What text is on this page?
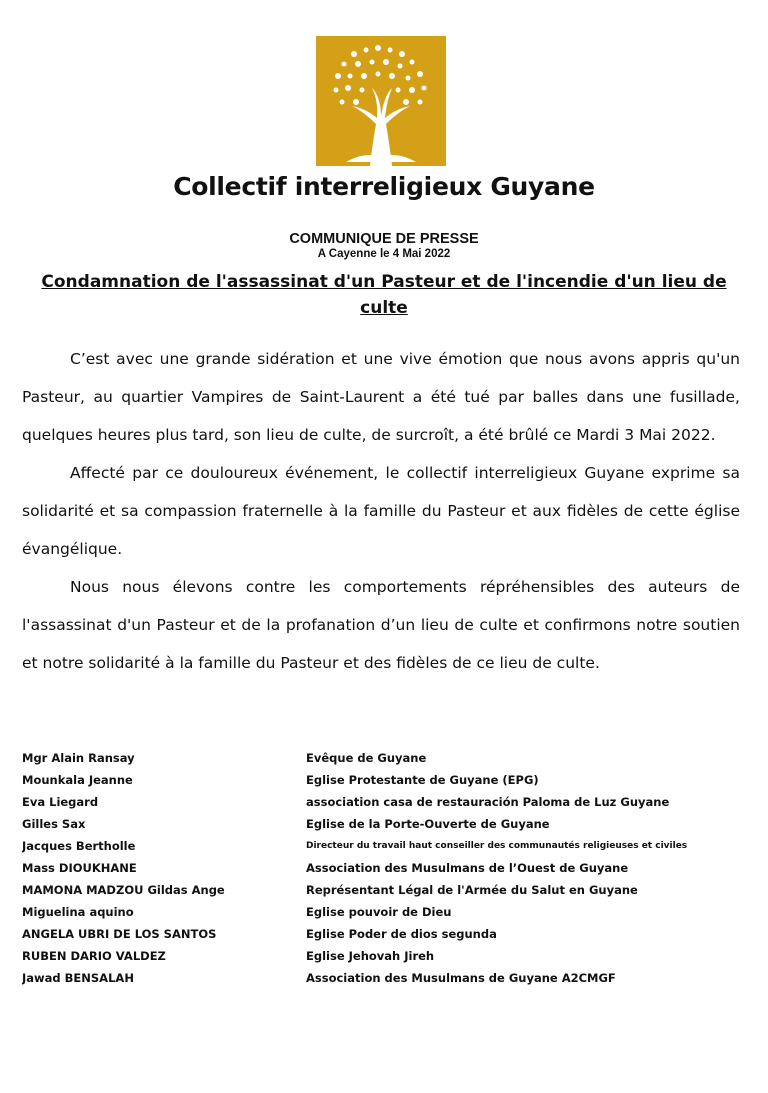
Collectif interreligieux Guyane
COMMUNIQUE DE PRESSE
A Cayenne le 4 Mai 2022
Condamnation de l'assassinat d'un Pasteur et de l'incendie d'un lieu de culte

C’est avec une grande sidération et une vive émotion que nous avons appris qu'un Pasteur, au quartier Vampires de Saint-Laurent a été tué par balles dans une fusillade, quelques heures plus tard, son lieu de culte, de surcroît, a été brûlé ce Mardi 3 Mai 2022.

Affecté par ce douloureux événement, le collectif interreligieux Guyane exprime sa solidarité et sa compassion fraternelle à la famille du Pasteur et aux fidèles de cette église évangélique.

Nous nous élevons contre les comportements répréhensibles des auteurs de l'assassinat d'un Pasteur et de la profanation d’un lieu de culte et confirmons notre soutien et notre solidarité à la famille du Pasteur et des fidèles de ce lieu de culte.

Mgr Alain Ransay	Evêque de Guyane
Mounkala Jeanne	Eglise Protestante de Guyane (EPG)
Eva Liegard	association casa de restauración Paloma de Luz Guyane
Gilles Sax	Eglise de la Porte-Ouverte de Guyane
Jacques Bertholle	Directeur du travail haut conseiller des communautés religieuses et civiles
Mass DIOUKHANE	Association des Musulmans de l’Ouest de Guyane
MAMONA MADZOU Gildas Ange	Représentant Légal de l'Armée du Salut en Guyane
Miguelina aquino	Eglise pouvoir de Dieu
ANGELA UBRI DE LOS SANTOS	Eglise Poder de dios segunda
RUBEN DARIO VALDEZ	Eglise Jehovah Jireh
Jawad BENSALAH	Association des Musulmans de Guyane A2CMGF
